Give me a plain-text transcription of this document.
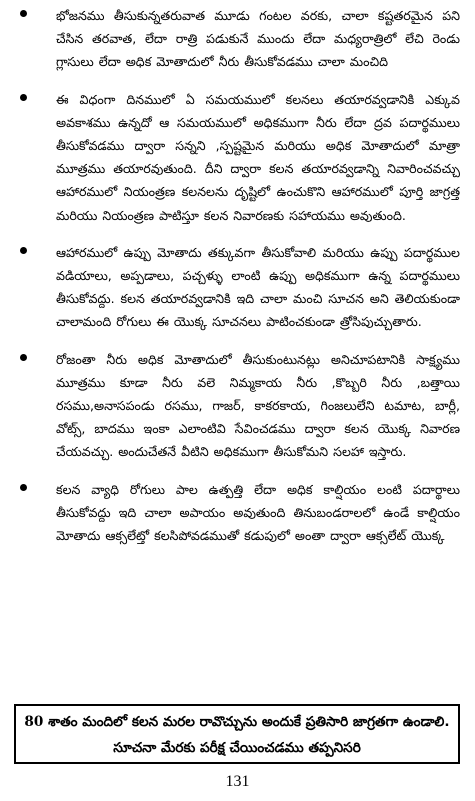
భోజనము తీసుకున్నతరువాత మూడు గంటల వరకు, చాలా కష్టతరమైన పని చేసిన తరవాత, లేదా రాత్రి పడుకునే ముందు లేదా మధ్యరాత్రిలో లేచి రెండు గ్లాసులు లేదా అధిక మోతాదులో నీరు తీసుకోవడము చాలా మంచిది
ఈ విధంగా దినములో ఏ సమయములో కలనలు తయారవ్వడానికి ఎక్కువ అవకాశము ఉన్నదో ఆ సమయములో అధికముగా నీరు లేదా ద్రవ పదార్థములు తీసుకోవడము ద్వారా సన్నని ,స్పష్టమైన మరియు అధిక మోతాదులో మాత్రా మూత్రము తయారవుతుంది. దీని ద్వారా కలన తయారవ్వడాన్ని నివారించవచ్చు ఆహారములో నియంత్రణ కలనలను దృష్టిలో ఉంచుకొని ఆహారములో పూర్తి జాగ్రత్త మరియు నియంత్రణ పాటిస్తూ కలన నివారణకు సహాయము అవుతుంది.
ఆహారములో ఉప్పు మోతాదు తక్కువగా తీసుకోవాలి మరియు ఉప్పు పదార్థముల వడియాలు, అప్పడాలు, పచ్చళ్ళు లాంటి ఉప్పు అధికముగా ఉన్న పదార్థములు తీసుకోవద్దు. కలన తయారవ్వడానికి ఇది చాలా మంచి సూచన అని తెలియకుండా చాలామంది రోగులు ఈ యొక్క సూచనలు పాటించకుండా త్రోసిపుచ్చుతారు.
రోజంతా నీరు అధిక మోతాదులో తీసుకుంటునట్లు అనిచూపటానికి సాక్ష్యము మూత్రము కూడా నీరు వలె నిమ్మకాయ నీరు ,కొబ్బరి నీరు ,బత్తాయి రసము,అనాసపండు రసము, గాజర్, కాకరకాయ, గింజలులేని టమాట, బార్లీ, వోట్స్, బాదము ఇంకా ఎలాంటివి సేవించడము ద్వారా కలన యొక్క నివారణ చేయవచ్చు. అందుచేతనే వీటిని అధికముగా తీసుకోమని సలహా ఇస్తారు.
కలన వ్యాధి రోగులు పాల ఉత్పత్తి లేదా అధిక కాల్షియం లంటి పదార్థాలు తీసుకోవద్దు ఇది చాలా అపాయం అవుతుంది తినుబండరాలలో ఉండే కాల్షియం మోతాదు ఆక్సలేట్తో కలసిపోవడముతో కడుపులో అంతా ద్వారా ఆక్సలేట్ యొక్క
80 శాతం మందిలో కలన మరల రావొచ్చును అందుకే ప్రతిసారి జాగ్రతగా ఉండాలి. సూచనా మేరకు పరీక్ష చేయించడము తప్పనిసరి
131
